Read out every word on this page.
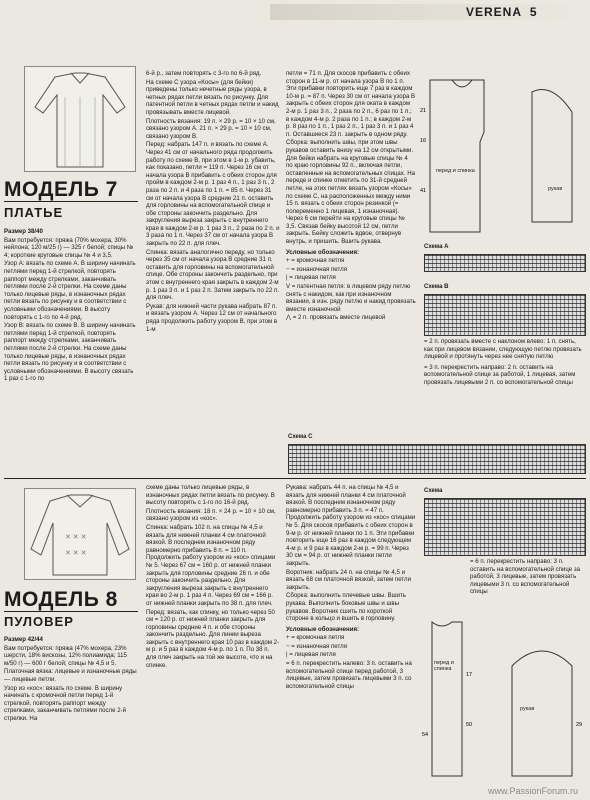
VERENA 5
МОДЕЛЬ 7
ПЛАТЬЕ

Размер 38/40

Вам потребуется: пряжа (70% мохера, 30% нейлона; 120 м/25 г) — 325 г белой; спицы № 4; короткие круговые спицы № 4 и 3,5.

Узор А: вязать по схеме А. В ширину начинать петлями перед 1-й стрелкой, повторять раппорт между стрелками, заканчивать петлями после 2-й стрелки. На схеме даны только лицевые ряды, в изнаночных рядах петли вязать по рисунку и в соответствии с условными обозначениями. В высоту повторять с 1-го по 4-й ряд.

Узор В: вязать по схеме В. В ширину начинать петлями перед 1-й стрелкой, повторять раппорт между стрелками, заканчивать петлями после 2-й стрелки. На схеме даны только лицевые ряды, в изнаночных рядах петли вязать по рисунку и в соответствии с условными обозначениями. В высоту связать 1 раз с 1-го по

6-й р., затем повторять с 3-го по 6-й ряд.

На схеме С узора «Косы» (для бейки) приведены только нечетные ряды узора, в четных рядах петли вязать по рисунку. Для патентной петли в четных рядах петли и накид провязывать вместе лицевой.

Плотность вязания: 19 п. × 29 р. = 10 × 10 см, связано узором А. 21 п. × 29 р. = 10 × 10 см, связано узором В.

Перед: набрать 147 п. и вязать по схеме А. Через 41 см от начального ряда продолжить работу по схеме В, при этом в 1-м р. убавить, как показано, петли = 119 п. Через 16 см от начала узора В прибавить с обеих сторон для пройм в каждом 2-м р. 1 раз 4 п., 1 раз 3 п., 2 раза по 2 п. и 4 раза по 1 п. = 85 п. Через 31 см от начала узора В средние 21 п. оставить для горловины на вспомогательной спице и обе стороны закончить раздельно. Для закругления выреза закрыть с внутреннего края в каждом 2-м р. 1 раз 3 п., 2 раза по 2 п. и 3 раза по 1 п. Через 37 см от начала узора В закрыть по 22 п. для плеч.

Спинка: вязать аналогично переду, но только через 35 см от начала узора В средние 31 п. оставить для горловины на вспомогательной спице. Обе стороны закончить раздельно, при этом с внутреннего края закрыть в каждом 2-м р. 1 раз 3 п. и 1 раз 2 п. Затем закрыть по 22 п. для плеч.

Рукав: для нижней части рукава набрать 87 п. и вязать узором А. Через 12 см от начального ряда продолжить работу узором В, при этом в 1-м

петли = 71 п. Для скосов прибавить с обеих сторон в 11-м р. от начала узора В по 1 п. Эти прибавки повторить еще 7 раз в каждом 10-м р. = 87 п. Через 30 см от начала узора В закрыть с обеих сторон для оката в каждом 2-м р. 1 раз 3 п., 2 раза по 2 п., 6 раз по 1 п.; в каждом 4-м р. 2 раза по 1 п.; в каждом 2-м р. 8 раз по 1 п., 1 раз 2 п., 1 раз 3 п. и 1 раз 4 п. Оставшиеся 23 п. закрыть в одном ряду.

Сборка: выполнить швы, при этом швы рукавов оставить внизу на 12 см открытыми. Для бейки набрать на круговые спицы № 4 по краю горловины 92 п., включая петли, оставленные на вспомогательных спицах. На переде и спинке отметить по 31-й средней петле, на этих петлях вязать узором «Косы» по схеме С, на расположенных между ними 15 п. вязать с обеих сторон резинкой (= попеременно 1 лицевая, 1 изнаночная). Через 6 см перейти на круговые спицы № 3,5. Связав бейку высотой 12 см, петли закрыть. Бейку сложить вдвое, отвернув внутрь, и пришить. Вшить рукава.

Условные обозначения:

+ = кромочная петля

− = изнаночная петля

| = лицевая петля

V = патентная петля: в лицевом ряду петлю снять с накидом, как при изнаночном вязании, в изн. ряду петлю и накид провязать вместе изнаночной

⋀ = 2 п. провязать вместе лицевой

41
16
21
перед и спинка
рукав
Схема A
Схема B

= 2 п. провязать вместе с наклоном влево: 1 п. снять, как при лицевом вязании, следующую петлю провязать лицевой и протянуть через нее снятую петлю

= 3 п. перекрестить направо: 2 п. оставить на вспомогательной спице за работой, 1 лицевая, затем провязать лицевыми 2 п. со вспомогательной спицы

Схема C
✕ ✕ ✕
✕ ✕ ✕
МОДЕЛЬ 8
ПУЛОВЕР

Размер 42/44

Вам потребуется: пряжа (47% мохера, 23% шерсти, 18% вискозы, 12% полиамида; 115 м/50 г) — 600 г белой; спицы № 4,5 и 5.

Платочная вязка: лицевые и изнаночные ряды — лицевые петли.

Узор из «кос»: вязать по схеме. В ширину начинать с кромочной петли перед 1-й стрелкой, повторять раппорт между стрелками, заканчивать петлями после 2-й стрелки. На

схеме даны только лицевые ряды, в изнаночных рядах петли вязать по рисунку. В высоту повторять с 1-го по 16-й ряд.

Плотность вязания: 18 п. × 24 р. = 10 × 10 см, связано узором из «кос».

Спинка: набрать 102 п. на спицы № 4,5 и вязать для нижней планки 4 см платочной вязкой. В последнем изнаночном ряду равномерно прибавить 8 п. = 110 п. Продолжить работу узором из «кос» спицами № 5. Через 67 см = 160 р. от нижней планки закрыть для горловины средние 26 п. и обе стороны закончить раздельно. Для закругления выреза закрыть с внутреннего края во 2-м р. 1 раз 4 п. Через 69 см = 166 р. от нижней планки закрыть по 38 п. для плеч.

Перед: вязать, как спинку, но только через 50 см = 120 р. от нижней планки закрыть для горловины средние 4 п. и обе стороны закончить раздельно. Для линии выреза закрыть с внутреннего края 10 раз в каждом 2-м р. и 5 раз в каждом 4-м р. по 1 п. По 38 п. для плеч закрыть на той же высоте, что и на спинке.

Рукава: набрать 44 п. на спицы № 4,5 и вязать для нижней планки 4 см платочной вязкой. В последнем изнаночном ряду равномерно прибавить 3 п. = 47 п. Продолжить работу узором из «кос» спицами № 5. Для скосов прибавить с обеих сторон в 9-м р. от нижней планки по 1 п. Эти прибавки повторить еще 16 раз в каждом следующем 4-м р. и 9 раз в каждом 2-м р. = 99 п. Через 30 см = 94 р. от нижней планки петли закрыть.

Воротник: набрать 24 п. на спицы № 4,5 и вязать 68 см платочной вязкой, затем петли закрыть.

Сборка: выполнить плечевые швы. Вшить рукава. Выполнить боковые швы и швы рукавов. Воротник сшить по короткой стороне в кольцо и вшить в горловину.

Условные обозначения:

+ = кромочная петля

− = изнаночная петля

| = лицевая петля

= 6 п. перекрестить налево: 3 п. оставить на вспомогательной спице перед работой, 3 лицевые, затем провязать лицевыми 3 п. со вспомогательной спицы

Схема

= 6 п. перекрестить направо: 3 п. оставить на вспомогательной спице за работой, 3 лицевые, затем провязать лицевыми 3 п. со вспомогательной спицы

54
17
50	29
перед и спинка
рукав
www.PassionForum.ru
